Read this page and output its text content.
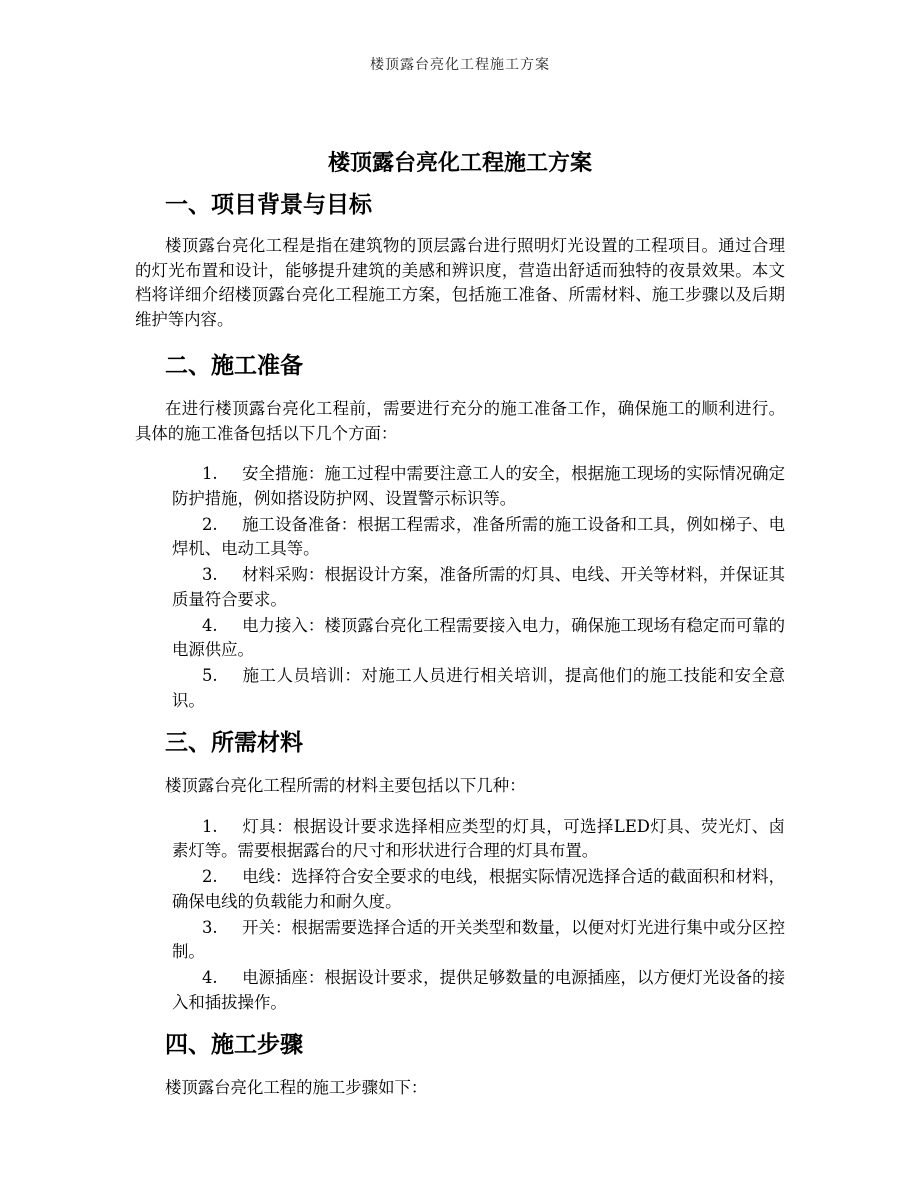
楼顶露台亮化工程施工方案
楼顶露台亮化工程施工方案
一、项目背景与目标

楼顶露台亮化工程是指在建筑物的顶层露台进行照明灯光设置的工程项目。通过合理的灯光布置和设计，能够提升建筑的美感和辨识度，营造出舒适而独特的夜景效果。本文档将详细介绍楼顶露台亮化工程施工方案，包括施工准备、所需材料、施工步骤以及后期维护等内容。

二、施工准备

在进行楼顶露台亮化工程前，需要进行充分的施工准备工作，确保施工的顺利进行。具体的施工准备包括以下几个方面：

1. 安全措施：施工过程中需要注意工人的安全，根据施工现场的实际情况确定防护措施，例如搭设防护网、设置警示标识等。
2. 施工设备准备：根据工程需求，准备所需的施工设备和工具，例如梯子、电焊机、电动工具等。
3. 材料采购：根据设计方案，准备所需的灯具、电线、开关等材料，并保证其质量符合要求。
4. 电力接入：楼顶露台亮化工程需要接入电力，确保施工现场有稳定而可靠的电源供应。
5. 施工人员培训：对施工人员进行相关培训，提高他们的施工技能和安全意识。
三、所需材料

楼顶露台亮化工程所需的材料主要包括以下几种：

1. 灯具：根据设计要求选择相应类型的灯具，可选择LED灯具、荧光灯、卤素灯等。需要根据露台的尺寸和形状进行合理的灯具布置。
2. 电线：选择符合安全要求的电线，根据实际情况选择合适的截面积和材料，确保电线的负载能力和耐久度。
3. 开关：根据需要选择合适的开关类型和数量，以便对灯光进行集中或分区控制。
4. 电源插座：根据设计要求，提供足够数量的电源插座，以方便灯光设备的接入和插拔操作。
四、施工步骤

楼顶露台亮化工程的施工步骤如下：
